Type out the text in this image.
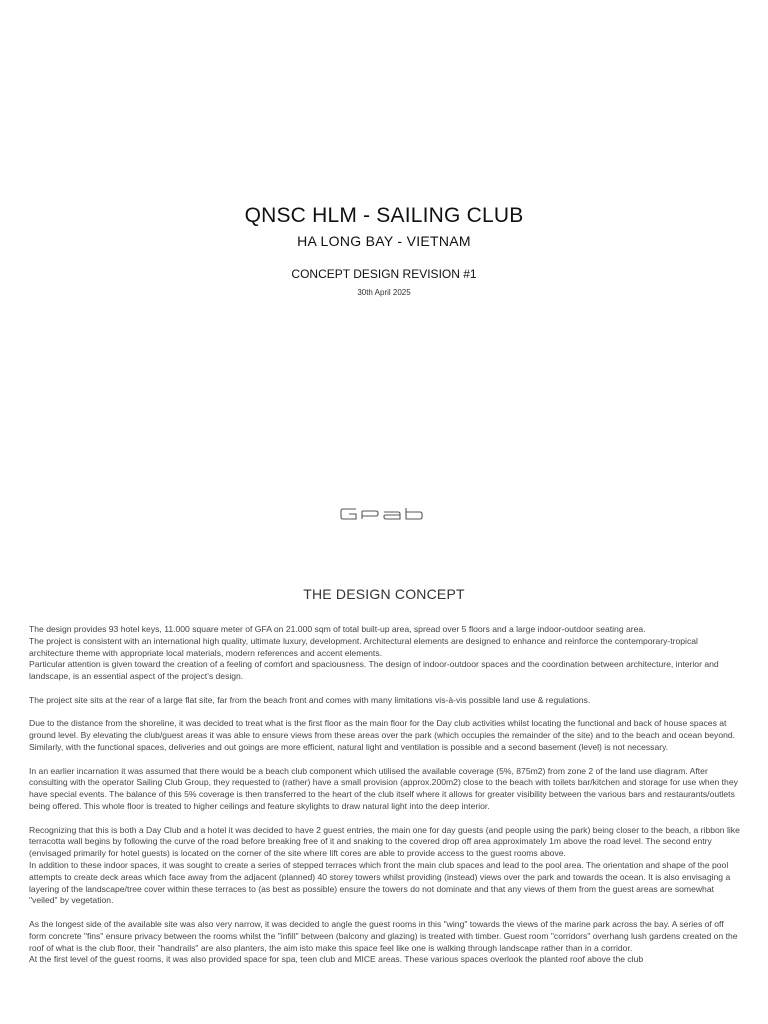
QNSC HLM - SAILING CLUB
HA LONG BAY - VIETNAM
CONCEPT DESIGN REVISION #1
30th April 2025
THE DESIGN CONCEPT

The design provides 93 hotel keys, 11.000 square meter of GFA on 21.000 sqm of total built-up area, spread over 5 floors and a large indoor-outdoor seating area.
The project is consistent with an international high quality, ultimate luxury, development. Architectural elements are designed to enhance and reinforce the contemporary-tropical architecture theme with appropriate local materials, modern references and accent elements.
Particular attention is given toward the creation of a feeling of comfort and spaciousness. The design of indoor-outdoor spaces and the coordination between architecture, interior and landscape, is an essential aspect of the project's design.

The project site sits at the rear of a large flat site, far from the beach front and comes with many limitations vis-à-vis possible land use & regulations.

Due to the distance from the shoreline, it was decided to treat what is the first floor as the main floor for the Day club activities whilst locating the functional and back of house spaces at ground level. By elevating the club/guest areas it was able to ensure views from these areas over the park (which occupies the remainder of the site) and to the beach and ocean beyond. Similarly, with the functional spaces, deliveries and out goings are more efficient, natural light and ventilation is possible and a second basement (level) is not necessary.

In an earlier incarnation it was assumed that there would be a beach club component which utilised the available coverage (5%, 875m2) from zone 2 of the land use diagram. After consulting with the operator Sailing Club Group, they requested to (rather) have a small provision (approx.200m2) close to the beach with toilets bar/kitchen and storage for use when they have special events. The balance of this 5% coverage is then transferred to the heart of the club itself where it allows for greater visibility between the various bars and restaurants/outlets being offered. This whole floor is treated to higher ceilings and feature skylights to draw natural light into the deep interior.

Recognizing that this is both a Day Club and a hotel it was decided to have 2 guest entries, the main one for day guests (and people using the park) being closer to the beach, a ribbon like terracotta wall begins by following the curve of the road before breaking free of it and snaking to the covered drop off area approximately 1m above the road level. The second entry (envisaged primarily for hotel guests) is located on the corner of the site where lift cores are able to provide access to the guest rooms above.
In addition to these indoor spaces, it was sought to create a series of stepped terraces which front the main club spaces and lead to the pool area. The orientation and shape of the pool attempts to create deck areas which face away from the adjacent (planned) 40 storey towers whilst providing (instead) views over the park and towards the ocean. It is also envisaging a layering of the landscape/tree cover within these terraces to (as best as possible) ensure the towers do not dominate and that any views of them from the guest areas are somewhat "veiled" by vegetation.

As the longest side of the available site was also very narrow, it was decided to angle the guest rooms in this "wing" towards the views of the marine park across the bay. A series of off form concrete "fins" ensure privacy between the rooms whilst the "infill" between (balcony and glazing) is treated with timber. Guest room "corridors" overhang lush gardens created on the roof of what is the club floor, their "handrails" are also planters, the aim isto make this space feel like one is walking through landscape rather than in a corridor.
At the first level of the guest rooms, it was also provided space for spa, teen club and MICE areas. These various spaces overlook the planted roof above the club
